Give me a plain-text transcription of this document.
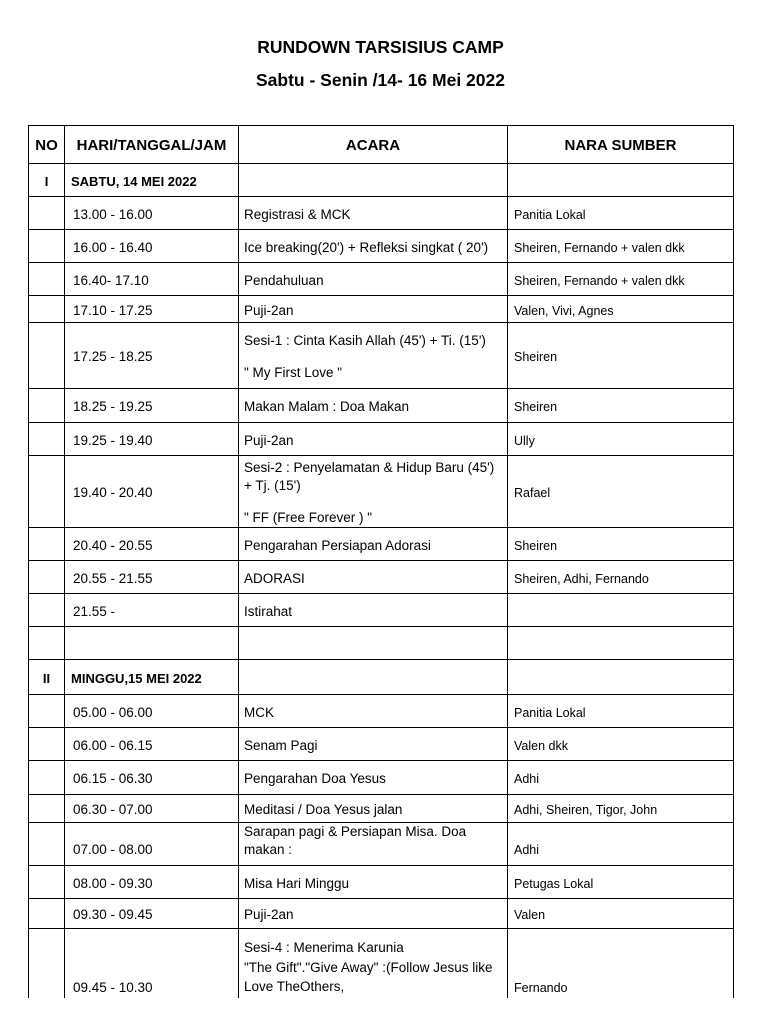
RUNDOWN TARSISIUS CAMP
Sabtu - Senin /14- 16 Mei 2022
NO	HARI/TANGGAL/JAM	ACARA	NARA SUMBER
I	SABTU, 14 MEI 2022		
	13.00 - 16.00	Registrasi & MCK	Panitia Lokal
	16.00 - 16.40	Ice breaking(20') + Refleksi singkat ( 20')	Sheiren, Fernando + valen dkk
	16.40- 17.10	Pendahuluan	Sheiren, Fernando + valen dkk
	17.10 - 17.25	Puji-2an	Valen, Vivi, Agnes
	17.25 - 18.25	Sesi-1 : Cinta Kasih Allah (45') + Ti. (15')
" My First Love "	Sheiren
	18.25 - 19.25	Makan Malam : Doa Makan	Sheiren
	19.25 - 19.40	Puji-2an	Ully
	19.40 - 20.40	Sesi-2 : Penyelamatan & Hidup Baru (45')
+ Tj. (15')
" FF (Free Forever ) "	Rafael
	20.40 - 20.55	Pengarahan Persiapan Adorasi	Sheiren
	20.55 - 21.55	ADORASI	Sheiren, Adhi, Fernando
	21.55 -	Istirahat	

II	MINGGU,15 MEI 2022		
	05.00 - 06.00	MCK	Panitia Lokal
	06.00 - 06.15	Senam Pagi	Valen dkk
	06.15 - 06.30	Pengarahan Doa Yesus	Adhi
	06.30 - 07.00	Meditasi / Doa Yesus jalan	Adhi, Sheiren, Tigor, John
	07.00 - 08.00	Sarapan pagi & Persiapan Misa. Doa
makan :	Adhi
	08.00 - 09.30	Misa Hari Minggu	Petugas Lokal
	09.30 - 09.45	Puji-2an	Valen
	09.45 - 10.30	Sesi-4 : Menerima Karunia
"The Gift"."Give Away" :(Follow Jesus like
Love TheOthers,	Fernando
